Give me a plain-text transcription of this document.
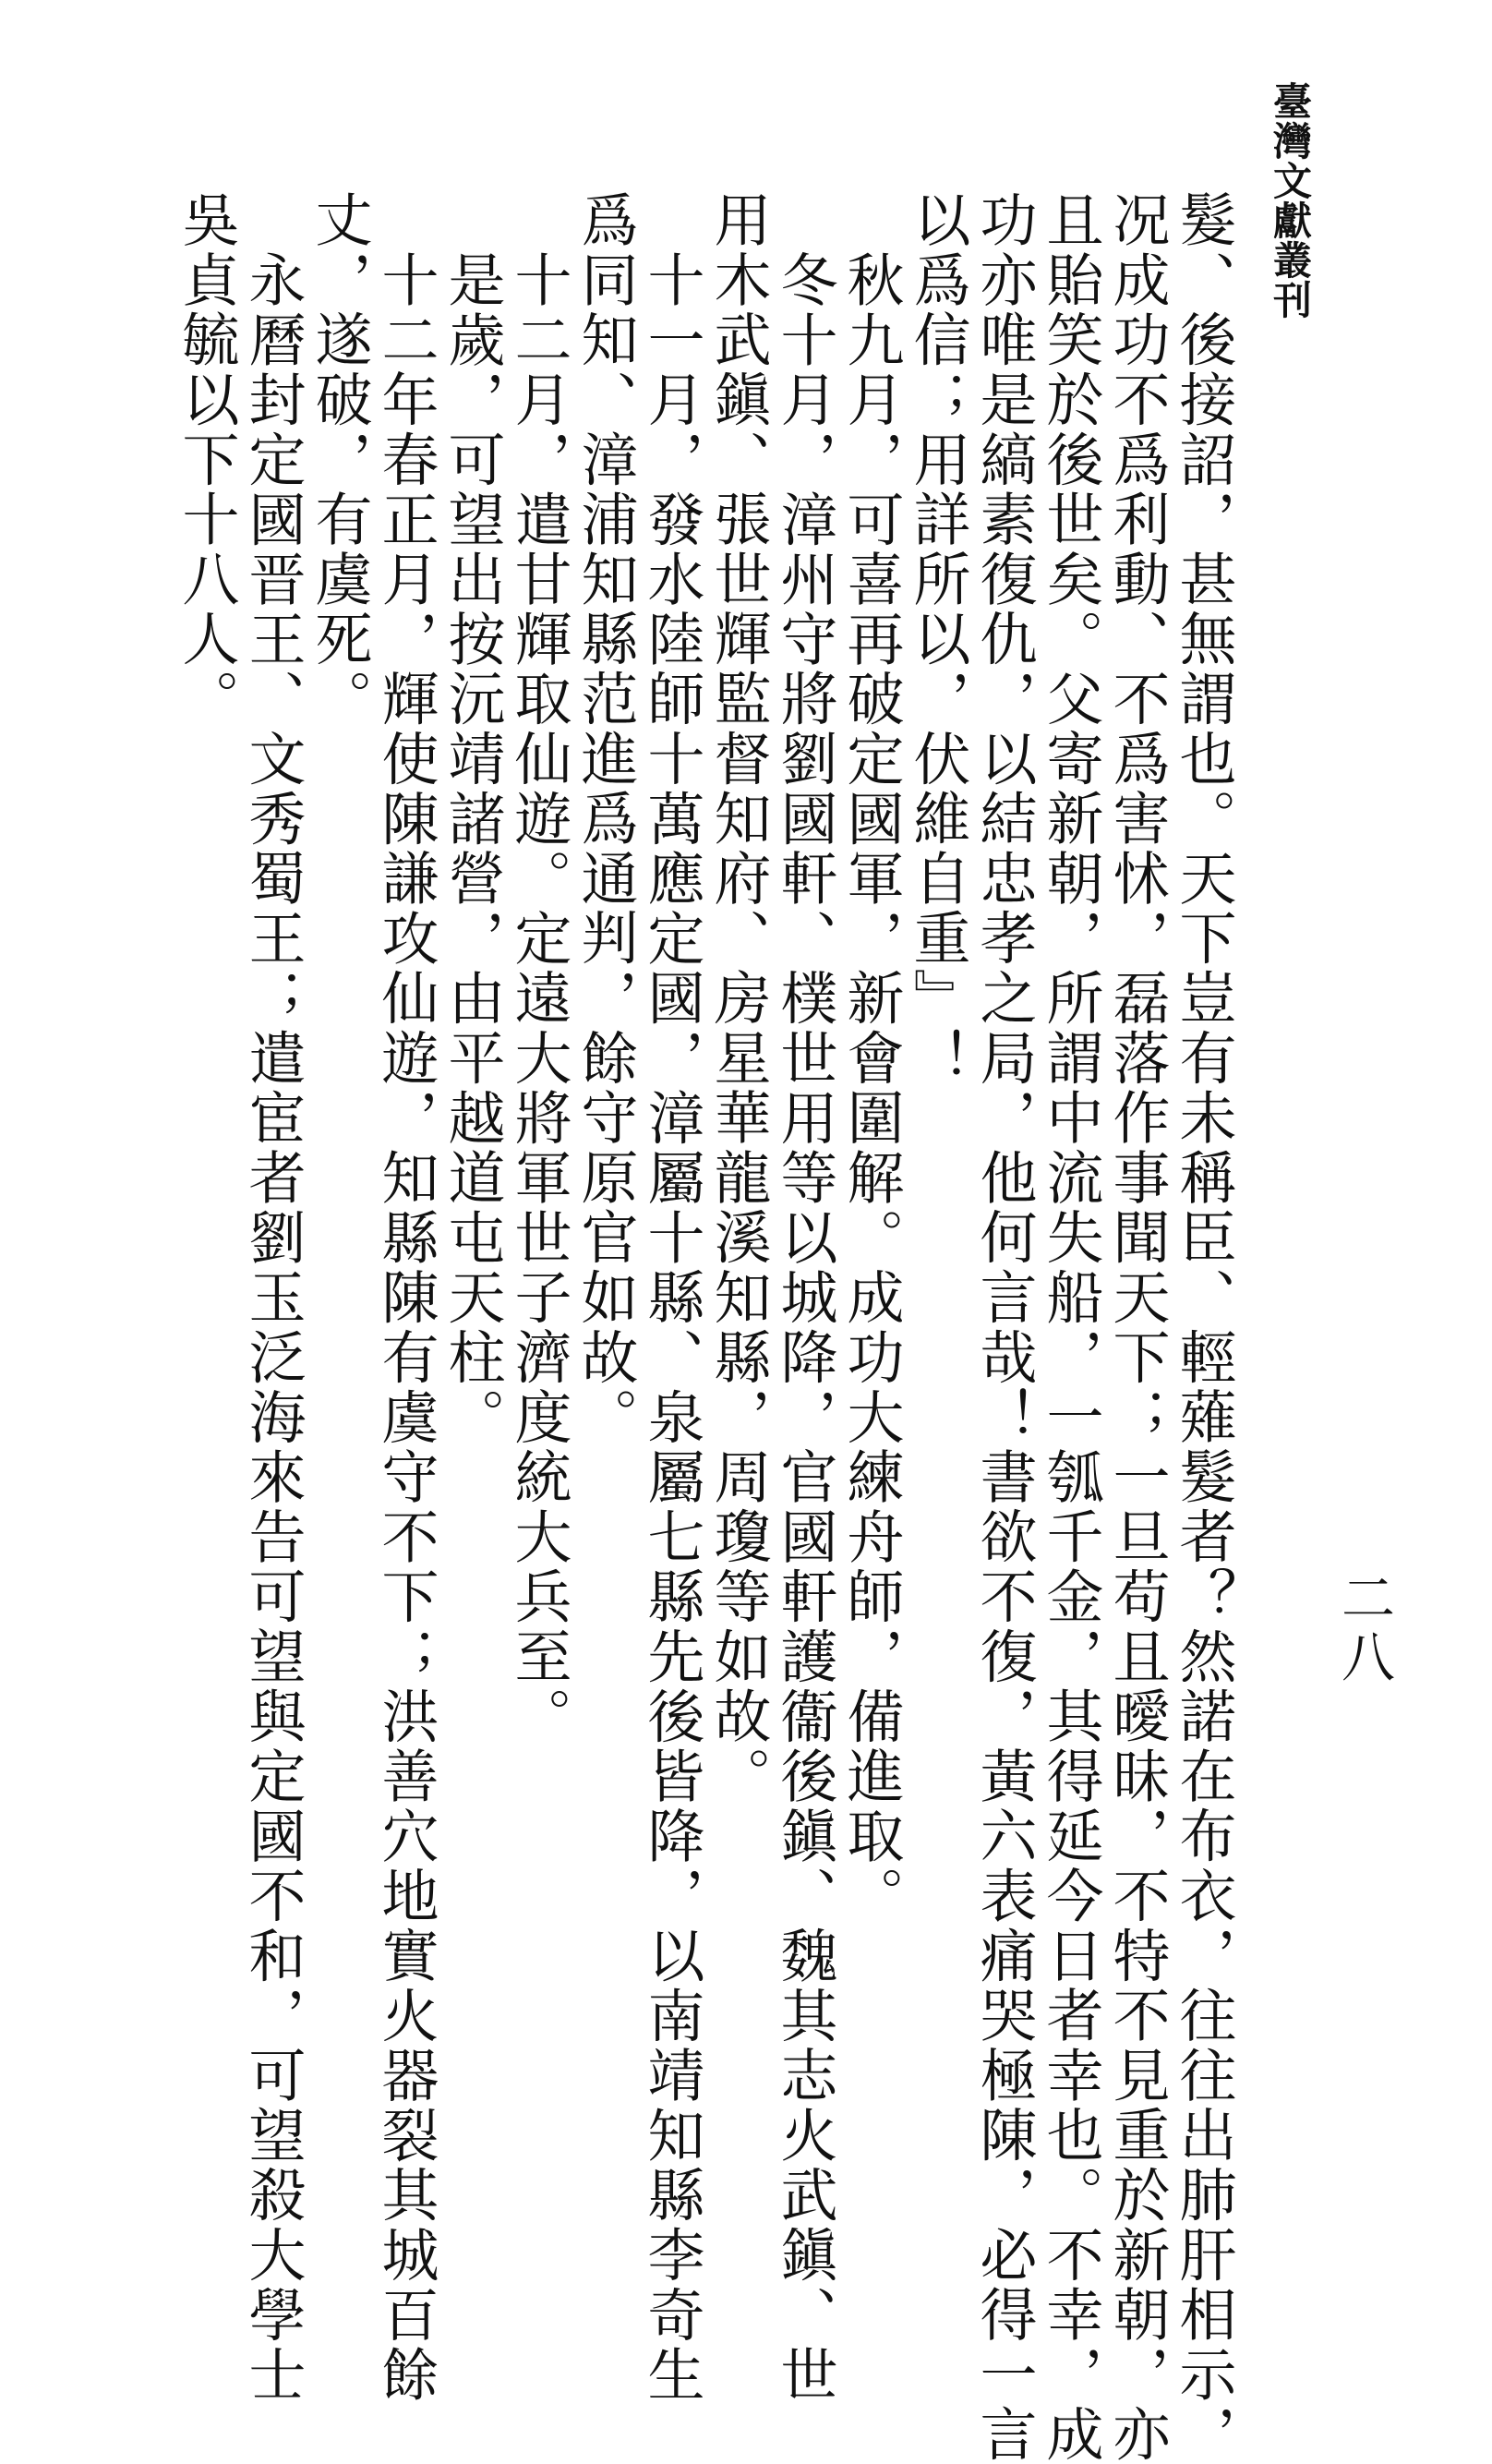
臺灣文獻叢刊
二八
髮、後接詔，甚無謂也。天下豈有未稱臣、輕薙髮者？然諾在布衣，往往出肺肝相示，
况成功不爲利動、不爲害怵，磊落作事聞天下；一旦苟且曖昧，不特不見重於新朝，亦
且貽笑於後世矣。父寄新朝，所謂中流失船，一瓠千金，其得延今日者幸也。不幸，成
功亦唯是縞素復仇，以結忠孝之局，他何言哉！書欲不復，黃六表痛哭極陳，必得一言
以爲信；用詳所以，伏維自重』！
秋九月，可喜再破定國軍，新會圍解。成功大練舟師，備進取。
冬十月，漳州守將劉國軒、樸世用等以城降，官國軒護衞後鎭、魏其志火武鎭、世
用木武鎭、張世輝監督知府、房星華龍溪知縣，周瓊等如故。
十一月，發水陸師十萬應定國，漳屬十縣、泉屬七縣先後皆降，以南靖知縣李奇生
爲同知、漳浦知縣范進爲通判，餘守原官如故。
十二月，遣甘輝取仙遊。定遠大將軍世子濟度統大兵至。
是歲，可望出按沅靖諸營，由平越道屯天柱。
十二年春正月，輝使陳謙攻仙遊，知縣陳有虞守不下；洪善穴地實火器裂其城百餘
丈，遂破，有虞死。
永曆封定國晋王、文秀蜀王；遣宦者劉玉泛海來告可望與定國不和，可望殺大學士
吳貞毓以下十八人。
